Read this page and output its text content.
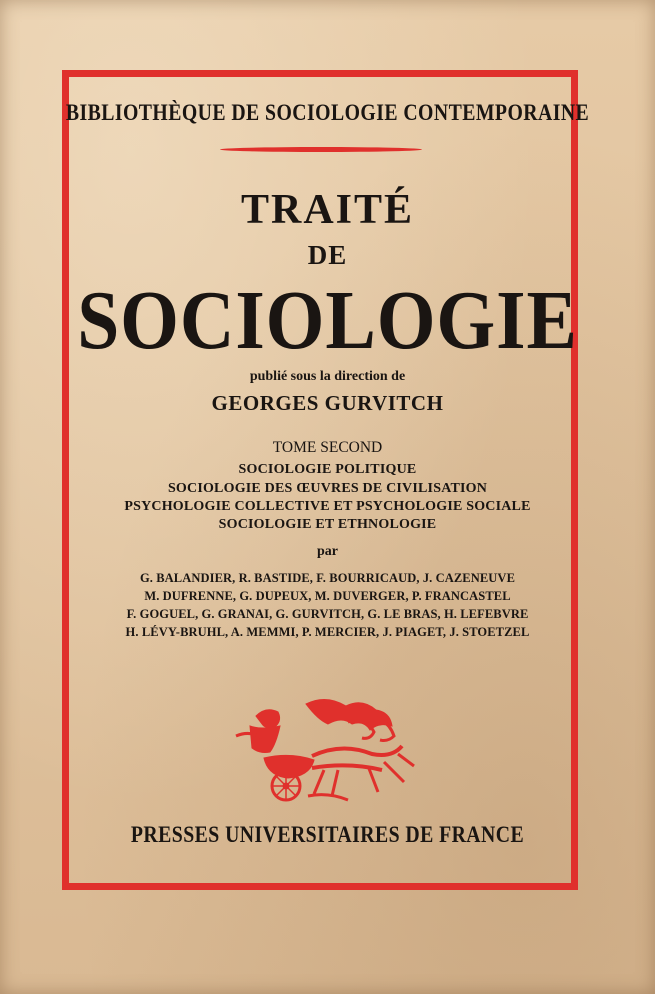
BIBLIOTHÈQUE DE SOCIOLOGIE CONTEMPORAINE

TRAITÉ

DE

SOCIOLOGIE

publié sous la direction de

GEORGES GURVITCH

TOME SECOND

SOCIOLOGIE POLITIQUE

SOCIOLOGIE DES ŒUVRES DE CIVILISATION

PSYCHOLOGIE COLLECTIVE ET PSYCHOLOGIE SOCIALE

SOCIOLOGIE ET ETHNOLOGIE

par

G. BALANDIER, R. BASTIDE, F. BOURRICAUD, J. CAZENEUVE

M. DUFRENNE, G. DUPEUX, M. DUVERGER, P. FRANCASTEL

F. GOGUEL, G. GRANAI, G. GURVITCH, G. LE BRAS, H. LEFEBVRE

H. LÉVY-BRUHL, A. MEMMI, P. MERCIER, J. PIAGET, J. STOETZEL

PRESSES UNIVERSITAIRES DE FRANCE
